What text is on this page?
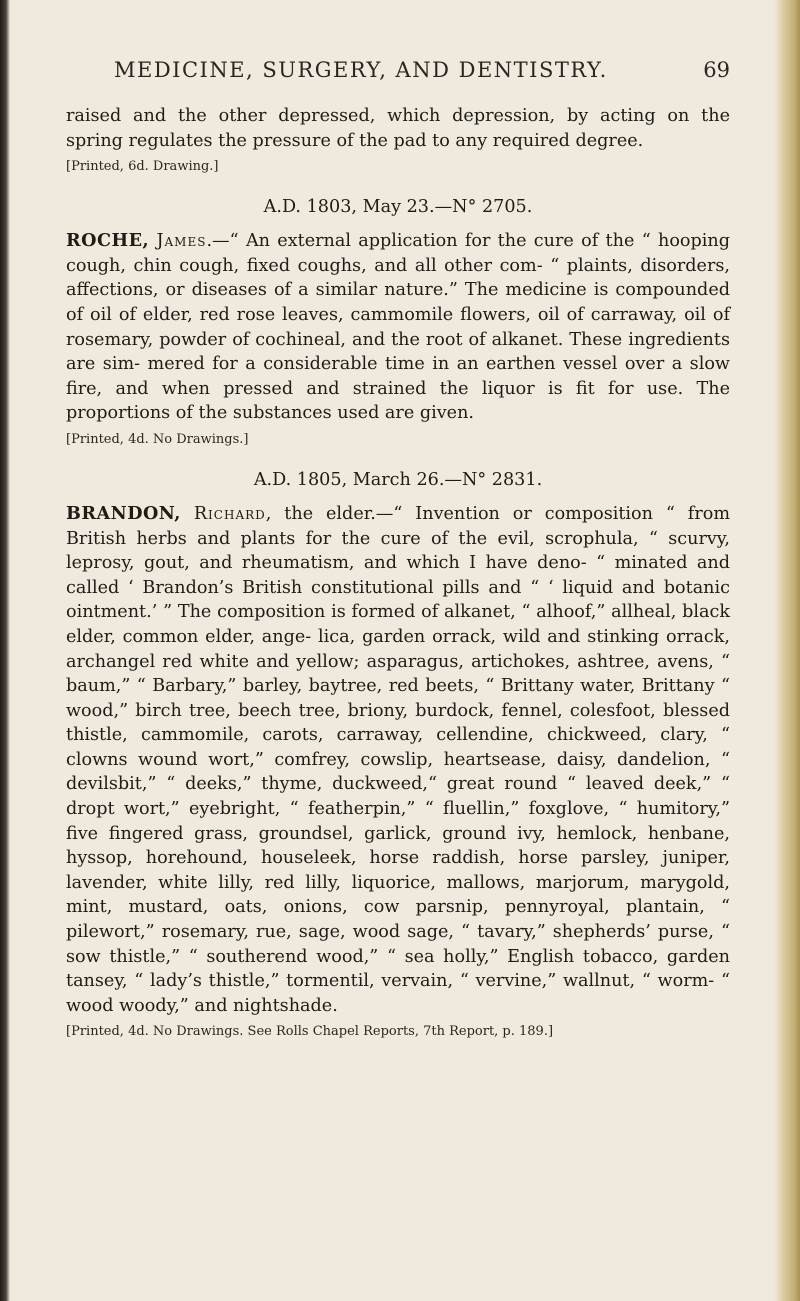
MEDICINE, SURGERY, AND DENTISTRY.	69

raised and the other depressed, which depression, by acting on the spring regulates the pressure of the pad to any required degree.

[Printed, 6d. Drawing.]
A.D. 1803, May 23.—N° 2705.

ROCHE, James.—“ An external application for the cure of the “ hooping cough, chin cough, fixed coughs, and all other com- “ plaints, disorders, affections, or diseases of a similar nature.” The medicine is compounded of oil of elder, red rose leaves, cammomile flowers, oil of carraway, oil of rosemary, powder of cochineal, and the root of alkanet. These ingredients are sim- mered for a considerable time in an earthen vessel over a slow fire, and when pressed and strained the liquor is fit for use. The proportions of the substances used are given.

[Printed, 4d. No Drawings.]
A.D. 1805, March 26.—N° 2831.

BRANDON, Richard, the elder.—“ Invention or composition “ from British herbs and plants for the cure of the evil, scrophula, “ scurvy, leprosy, gout, and rheumatism, and which I have deno- “ minated and called ‘ Brandon’s British constitutional pills and “ ‘ liquid and botanic ointment.’ ” The composition is formed of alkanet, “ alhoof,” allheal, black elder, common elder, ange- lica, garden orrack, wild and stinking orrack, archangel red white and yellow; asparagus, artichokes, ashtree, avens, “ baum,” “ Barbary,” barley, baytree, red beets, “ Brittany water, Brittany “ wood,” birch tree, beech tree, briony, burdock, fennel, colesfoot, blessed thistle, cammomile, carots, carraway, cellendine, chickweed, clary, “ clowns wound wort,” comfrey, cowslip, heartsease, daisy, dandelion, “ devilsbit,” “ deeks,” thyme, duckweed,“ great round “ leaved deek,” “ dropt wort,” eyebright, “ featherpin,” “ fluellin,” foxglove, “ humitory,” five fingered grass, groundsel, garlick, ground ivy, hemlock, henbane, hyssop, horehound, houseleek, horse raddish, horse parsley, juniper, lavender, white lilly, red lilly, liquorice, mallows, marjorum, marygold, mint, mustard, oats, onions, cow parsnip, pennyroyal, plantain, “ pilewort,” rosemary, rue, sage, wood sage, “ tavary,” shepherds’ purse, “ sow thistle,” “ southerend wood,” “ sea holly,” English tobacco, garden tansey, “ lady’s thistle,” tormentil, vervain, “ vervine,” wallnut, “ worm- “ wood woody,” and nightshade.

[Printed, 4d. No Drawings. See Rolls Chapel Reports, 7th Report, p. 189.]
